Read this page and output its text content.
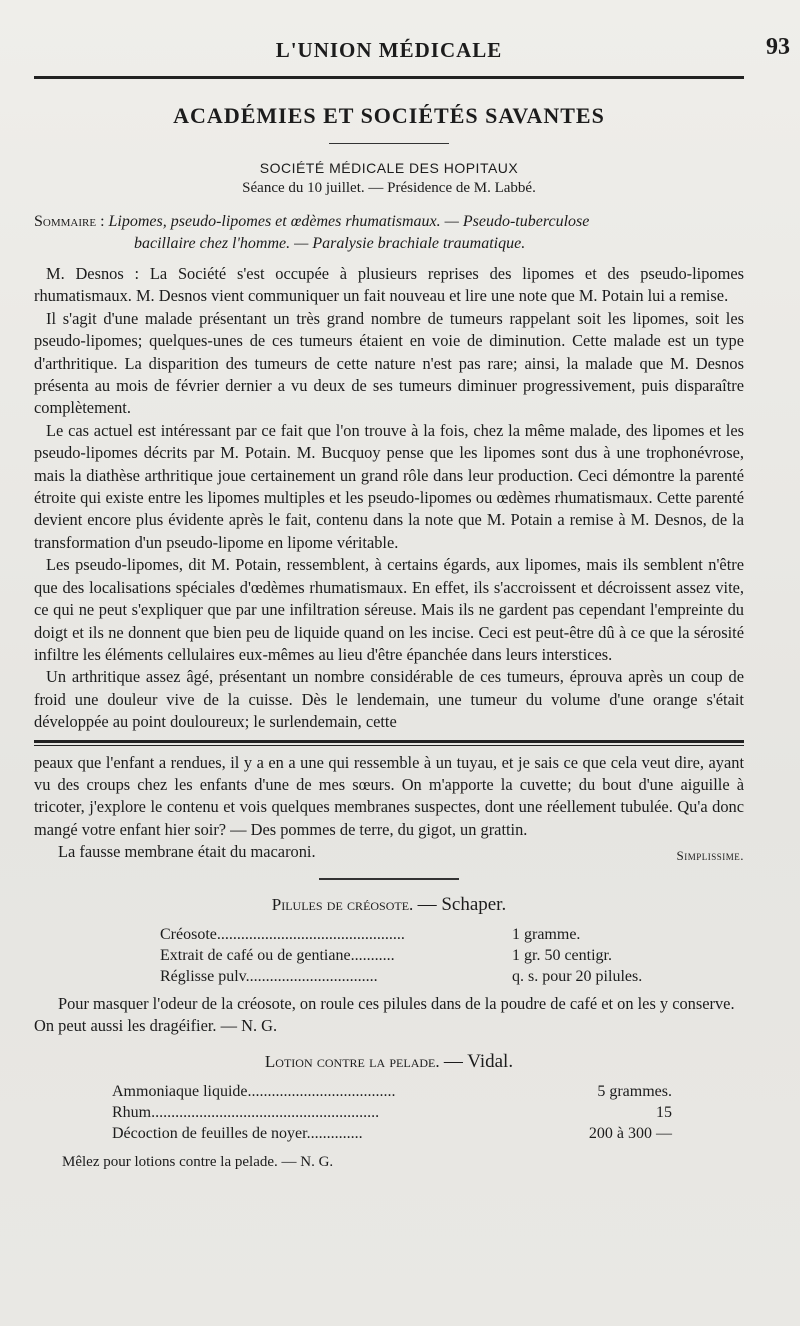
L'UNION MÉDICALE	93
ACADÉMIES ET SOCIÉTÉS SAVANTES
SOCIÉTÉ MÉDICALE DES HOPITAUX
Séance du 10 juillet. — Présidence de M. Labbé.
Sommaire : Lipomes, pseudo-lipomes et œdèmes rhumatismaux. — Pseudo-tuberculose
bacillaire chez l'homme. — Paralysie brachiale traumatique.

M. Desnos : La Société s'est occupée à plusieurs reprises des lipomes et des pseudo-lipomes rhumatismaux. M. Desnos vient communiquer un fait nouveau et lire une note que M. Potain lui a remise.

Il s'agit d'une malade présentant un très grand nombre de tumeurs rappelant soit les lipomes, soit les pseudo-lipomes; quelques-unes de ces tumeurs étaient en voie de diminution. Cette malade est un type d'arthritique. La disparition des tumeurs de cette nature n'est pas rare; ainsi, la malade que M. Desnos présenta au mois de février dernier a vu deux de ses tumeurs diminuer progressivement, puis disparaître complètement.

Le cas actuel est intéressant par ce fait que l'on trouve à la fois, chez la même malade, des lipomes et les pseudo-lipomes décrits par M. Potain. M. Bucquoy pense que les lipomes sont dus à une trophonévrose, mais la diathèse arthritique joue certainement un grand rôle dans leur production. Ceci démontre la parenté étroite qui existe entre les lipomes multiples et les pseudo-lipomes ou œdèmes rhumatismaux. Cette parenté devient encore plus évidente après le fait, contenu dans la note que M. Potain a remise à M. Desnos, de la transformation d'un pseudo-lipome en lipome véritable.

Les pseudo-lipomes, dit M. Potain, ressemblent, à certains égards, aux lipomes, mais ils semblent n'être que des localisations spéciales d'œdèmes rhumatismaux. En effet, ils s'accroissent et décroissent assez vite, ce qui ne peut s'expliquer que par une infiltration séreuse. Mais ils ne gardent pas cependant l'empreinte du doigt et ils ne donnent que bien peu de liquide quand on les incise. Ceci est peut-être dû à ce que la sérosité infiltre les éléments cellulaires eux-mêmes au lieu d'être épanchée dans leurs interstices.

Un arthritique assez âgé, présentant un nombre considérable de ces tumeurs, éprouva après un coup de froid une douleur vive de la cuisse. Dès le lendemain, une tumeur du volume d'une orange s'était développée au point douloureux; le surlendemain, cette

peaux que l'enfant a rendues, il y a en a une qui ressemble à un tuyau, et je sais ce que cela veut dire, ayant vu des croups chez les enfants d'une de mes sœurs. On m'apporte la cuvette; du bout d'une aiguille à tricoter, j'explore le contenu et vois quelques membranes suspectes, dont une réellement tubulée. Qu'a donc mangé votre enfant hier soir? — Des pommes de terre, du gigot, un grattin.

La fausse membrane était du macaroni.	Simplissime.
Pilules de créosote. — Schaper.
Créosote...............................................	1 gramme.
Extrait de café ou de gentiane...........	1 gr. 50 centigr.
Réglisse pulv.................................	q. s. pour 20 pilules.

Pour masquer l'odeur de la créosote, on roule ces pilules dans de la poudre de café et on les y conserve. On peut aussi les dragéifier. — N. G.

Lotion contre la pelade. — Vidal.
Ammoniaque liquide.....................................	5 grammes.
Rhum.........................................................	15
Décoction de feuilles de noyer..............	200 à 300 —

Mêlez pour lotions contre la pelade. — N. G.
